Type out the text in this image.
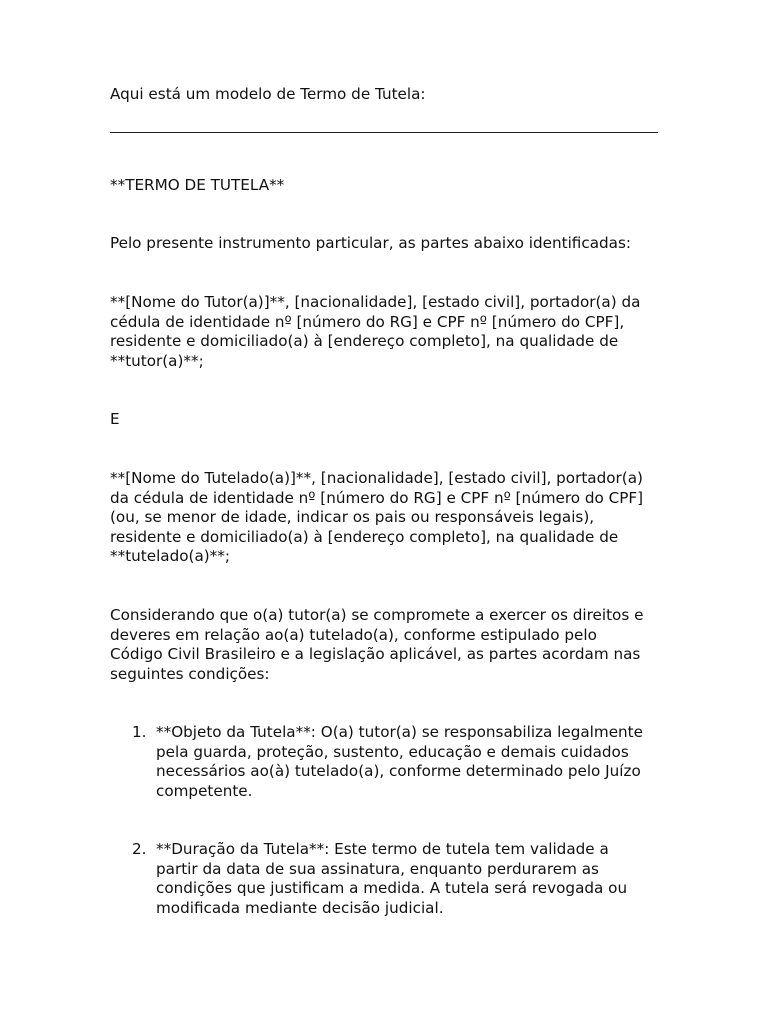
Aqui está um modelo de Termo de Tutela:

**TERMO DE TUTELA**

Pelo presente instrumento particular, as partes abaixo identificadas:

**[Nome do Tutor(a)]**, [nacionalidade], [estado civil], portador(a) da
cédula de identidade nº [número do RG] e CPF nº [número do CPF],
residente e domiciliado(a) à [endereço completo], na qualidade de
**tutor(a)**;

E

**[Nome do Tutelado(a)]**, [nacionalidade], [estado civil], portador(a)
da cédula de identidade nº [número do RG] e CPF nº [número do CPF]
(ou, se menor de idade, indicar os pais ou responsáveis legais),
residente e domiciliado(a) à [endereço completo], na qualidade de
**tutelado(a)**;
Considerando que o(a) tutor(a) se compromete a exercer os direitos e
deveres em relação ao(a) tutelado(a), conforme estipulado pelo
Código Civil Brasileiro e a legislação aplicável, as partes acordam nas
seguintes condições:
1. **Objeto da Tutela**: O(a) tutor(a) se responsabiliza legalmente
pela guarda, proteção, sustento, educação e demais cuidados
necessários ao(à) tutelado(a), conforme determinado pelo Juízo
competente.
2. **Duração da Tutela**: Este termo de tutela tem validade a
partir da data de sua assinatura, enquanto perdurarem as
condições que justificam a medida. A tutela será revogada ou
modificada mediante decisão judicial.
